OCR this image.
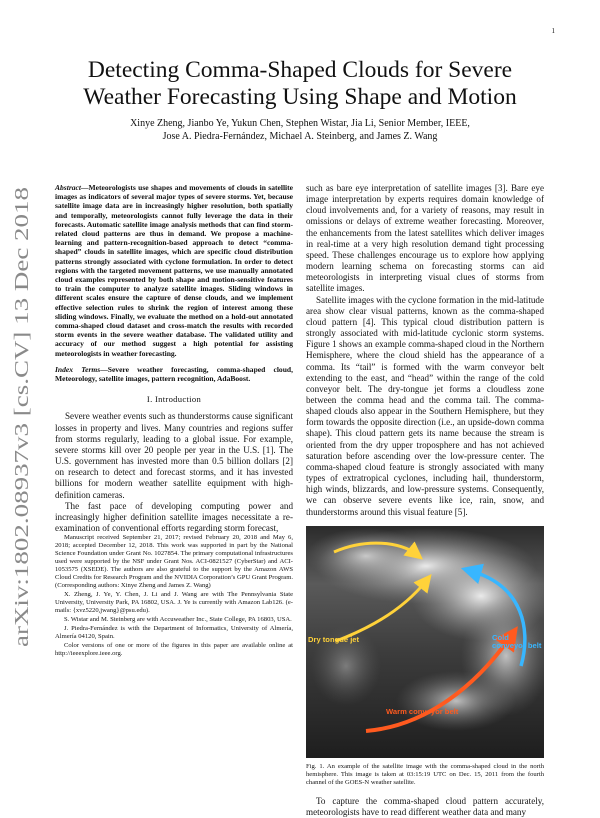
1
arXiv:1802.08937v3 [cs.CV] 13 Dec 2018
Detecting Comma-Shaped Clouds for Severe
Weather Forecasting Using Shape and Motion
Xinye Zheng, Jianbo Ye, Yukun Chen, Stephen Wistar, Jia Li, Senior Member, IEEE,
Jose A. Piedra-Fernández, Michael A. Steinberg, and James Z. Wang

Abstract—Meteorologists use shapes and movements of clouds in satellite images as indicators of several major types of severe storms. Yet, because satellite image data are in increasingly higher resolution, both spatially and temporally, meteorologists cannot fully leverage the data in their forecasts. Automatic satellite image analysis methods that can find storm-related cloud patterns are thus in demand. We propose a machine-learning and pattern-recognition-based approach to detect “comma-shaped” clouds in satellite images, which are specific cloud distribution patterns strongly associated with cyclone formulation. In order to detect regions with the targeted movement patterns, we use manually annotated cloud examples represented by both shape and motion-sensitive features to train the computer to analyze satellite images. Sliding windows in different scales ensure the capture of dense clouds, and we implement effective selection rules to shrink the region of interest among these sliding windows. Finally, we evaluate the method on a hold-out annotated comma-shaped cloud dataset and cross-match the results with recorded storm events in the severe weather database. The validated utility and accuracy of our method suggest a high potential for assisting meteorologists in weather forecasting.

Index Terms—Severe weather forecasting, comma-shaped cloud, Meteorology, satellite images, pattern recognition, AdaBoost.

I. Introduction

Severe weather events such as thunderstorms cause significant losses in property and lives. Many countries and regions suffer from storms regularly, leading to a global issue. For example, severe storms kill over 20 people per year in the U.S. [1]. The U.S. government has invested more than 0.5 billion dollars [2] on research to detect and forecast storms, and it has invested billions for modern weather satellite equipment with high-definition cameras.

The fast pace of developing computing power and increasingly higher definition satellite images necessitate a re-examination of conventional efforts regarding storm forecast,

Manuscript received September 21, 2017; revised February 20, 2018 and May 6, 2018; accepted December 12, 2018. This work was supported in part by the National Science Foundation under Grant No. 1027854. The primary computational infrastructures used were supported by the NSF under Grant Nos. ACI-0821527 (CyberStar) and ACI-1053575 (XSEDE). The authors are also grateful to the support by the Amazon AWS Cloud Credits for Research Program and the NVIDIA Corporation’s GPU Grant Program. (Corresponding authors: Xinye Zheng and James Z. Wang)

X. Zheng, J. Ye, Y. Chen, J. Li and J. Wang are with The Pennsylvania State University, University Park, PA 16802, USA. J. Ye is currently with Amazon Lab126. (e-mails: {xvz5220,jwang}@psu.edu).

S. Wistar and M. Steinberg are with Accuweather Inc., State College, PA 16803, USA.

J. Piedra-Fernández is with the Department of Informatics, University of Almería, Almería 04120, Spain.

Color versions of one or more of the figures in this paper are available online at http://ieeexplore.ieee.org.

such as bare eye interpretation of satellite images [3]. Bare eye image interpretation by experts requires domain knowledge of cloud involvements and, for a variety of reasons, may result in omissions or delays of extreme weather forecasting. Moreover, the enhancements from the latest satellites which deliver images in real-time at a very high resolution demand tight processing speed. These challenges encourage us to explore how applying modern learning schema on forecasting storms can aid meteorologists in interpreting visual clues of storms from satellite images.

Satellite images with the cyclone formation in the mid-latitude area show clear visual patterns, known as the comma-shaped cloud pattern [4]. This typical cloud distribution pattern is strongly associated with mid-latitude cyclonic storm systems. Figure 1 shows an example comma-shaped cloud in the Northern Hemisphere, where the cloud shield has the appearance of a comma. Its “tail” is formed with the warm conveyor belt extending to the east, and “head” within the range of the cold conveyor belt. The dry-tongue jet forms a cloudless zone between the comma head and the comma tail. The comma-shaped clouds also appear in the Southern Hemisphere, but they form towards the opposite direction (i.e., an upside-down comma shape). This cloud pattern gets its name because the stream is oriented from the dry upper troposphere and has not achieved saturation before ascending over the low-pressure center. The comma-shaped cloud feature is strongly associated with many types of extratropical cyclones, including hail, thunderstorm, high winds, blizzards, and low-pressure systems. Consequently, we can observe severe events like ice, rain, snow, and thunderstorms around this visual feature [5].

Dry tongue jet	Cold conveyor belt
Warm conveyor belt

Fig. 1. An example of the satellite image with the comma-shaped cloud in the north hemisphere. This image is taken at 03:15:19 UTC on Dec. 15, 2011 from the fourth channel of the GOES-N weather satellite.

To capture the comma-shaped cloud pattern accurately, meteorologists have to read different weather data and many
